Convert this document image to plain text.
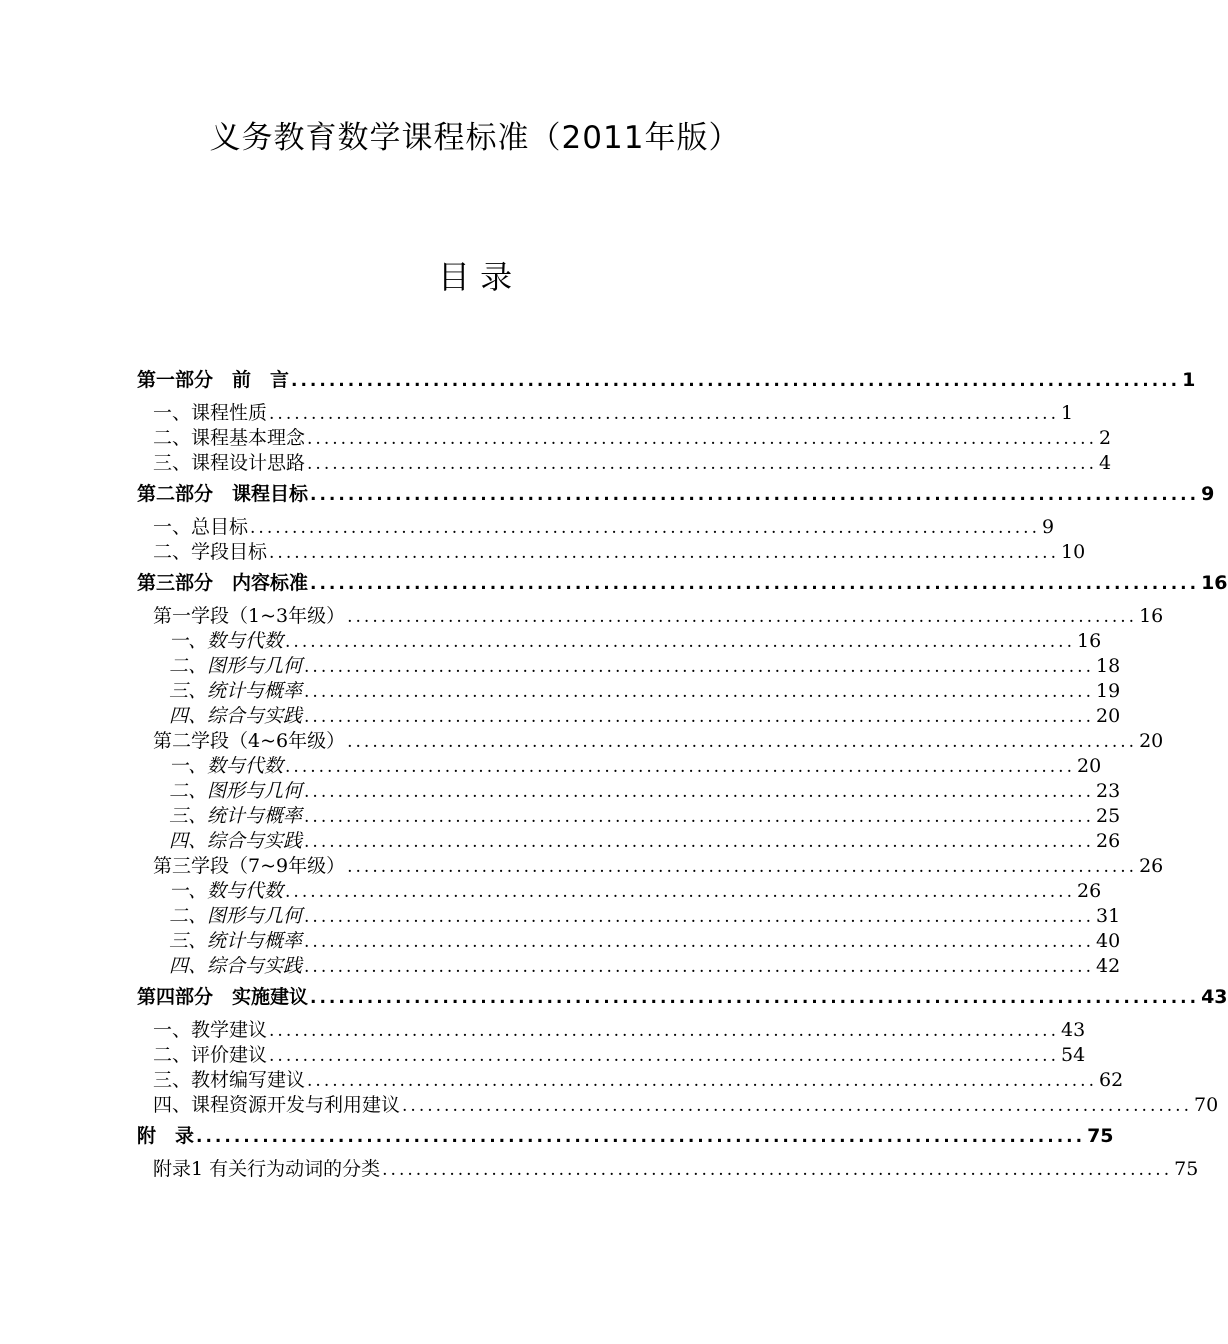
义务教育数学课程标准（2011年版）
目 录
第一部分　前　言 .............................................................................................. 1
一、课程性质 .............................................................................................. 1
二、课程基本理念 .............................................................................................. 2
三、课程设计思路 .............................................................................................. 4
第二部分　课程目标 .............................................................................................. 9
一、总目标 .............................................................................................. 9
二、学段目标 .............................................................................................. 10
第三部分　内容标准 .............................................................................................. 16
第一学段（1~3年级） .............................................................................................. 16
一、数与代数 .............................................................................................. 16
二、图形与几何 .............................................................................................. 18
三、统计与概率 .............................................................................................. 19
四、综合与实践 .............................................................................................. 20
第二学段（4~6年级） .............................................................................................. 20
一、数与代数 .............................................................................................. 20
二、图形与几何 .............................................................................................. 23
三、统计与概率 .............................................................................................. 25
四、综合与实践 .............................................................................................. 26
第三学段（7~9年级） .............................................................................................. 26
一、数与代数 .............................................................................................. 26
二、图形与几何 .............................................................................................. 31
三、统计与概率 .............................................................................................. 40
四、综合与实践 .............................................................................................. 42
第四部分　实施建议 .............................................................................................. 43
一、教学建议 .............................................................................................. 43
二、评价建议 .............................................................................................. 54
三、教材编写建议 .............................................................................................. 62
四、课程资源开发与利用建议 .............................................................................................. 70
附　录 .............................................................................................. 75
附录1 有关行为动词的分类 .............................................................................................. 75
